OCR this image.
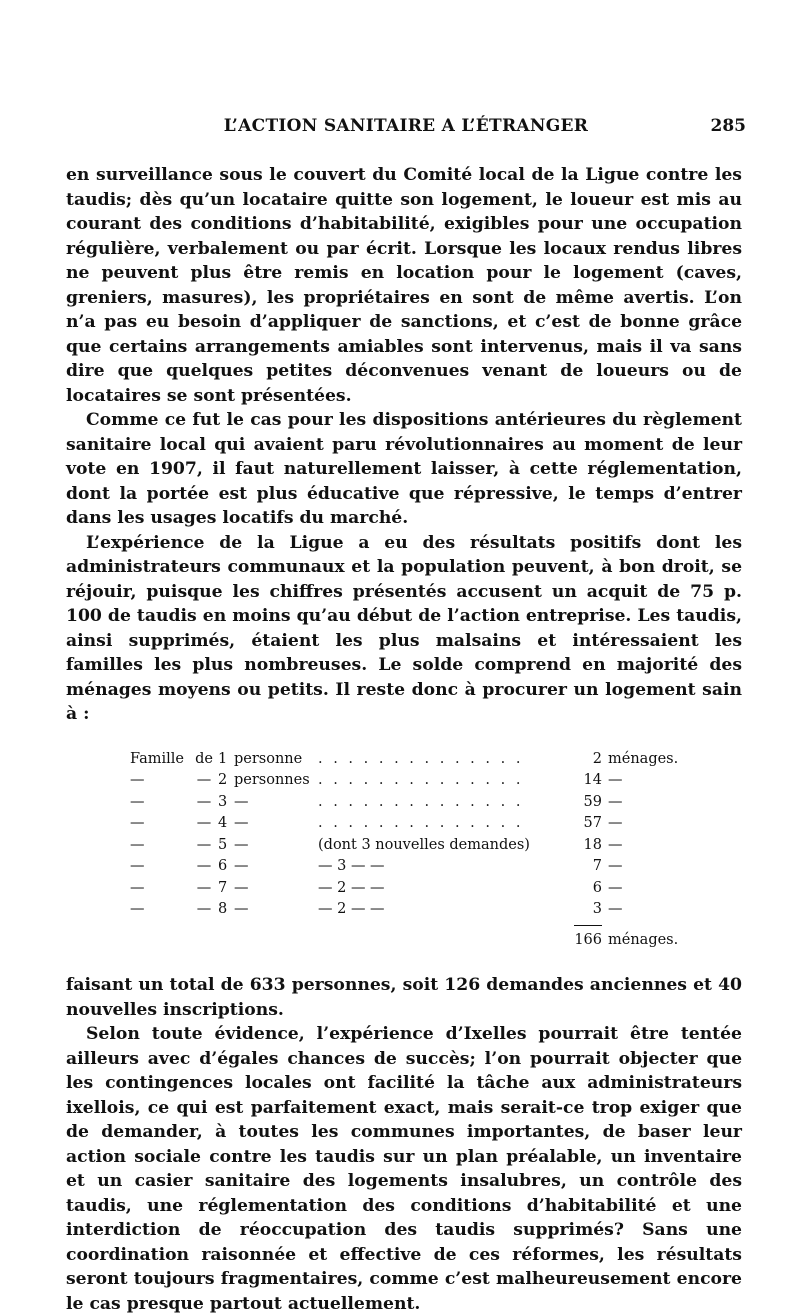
L’ACTION SANITAIRE A L’ÉTRANGER	285

en surveillance sous le couvert du Comité local de la Ligue contre les taudis; dès qu’un locataire quitte son logement, le loueur est mis au courant des conditions d’habitabilité, exigibles pour une occupation régulière, verbalement ou par écrit. Lorsque les locaux rendus libres ne peuvent plus être remis en location pour le logement (caves, greniers, masures), les propriétaires en sont de même avertis. L’on n’a pas eu besoin d’appliquer de sanctions, et c’est de bonne grâce que certains arrangements amiables sont intervenus, mais il va sans dire que quelques petites déconvenues venant de loueurs ou de locataires se sont présentées.

Comme ce fut le cas pour les dispositions antérieures du règlement sanitaire local qui avaient paru révolutionnaires au moment de leur vote en 1907, il faut naturellement laisser, à cette réglementation, dont la portée est plus éducative que répressive, le temps d’entrer dans les usages locatifs du marché.

L’expérience de la Ligue a eu des résultats positifs dont les administrateurs communaux et la population peuvent, à bon droit, se réjouir, puisque les chiffres présentés accusent un acquit de 75 p. 100 de taudis en moins qu’au début de l’action entreprise. Les taudis, ainsi supprimés, étaient les plus malsains et intéressaient les familles les plus nombreuses. Le solde comprend en majorité des ménages moyens ou petits. Il reste donc à procurer un logement sain à :

Famille	de	1	personne	. . . . . . . . . . . . . .	2	ménages.
—	—	2	personnes	. . . . . . . . . . . . . .	14	—
—	—	3	—	. . . . . . . . . . . . . .	59	—
—	—	4	—	. . . . . . . . . . . . . .	57	—
—	—	5	—	(dont 3 nouvelles demandes)	18	—
—	—	6	—	— 3 — —	7	—
—	—	7	—	— 2 — —	6	—
—	—	8	—	— 2 — —	3	—
					166	ménages.

faisant un total de 633 personnes, soit 126 demandes anciennes et 40 nouvelles inscriptions.

Selon toute évidence, l’expérience d’Ixelles pourrait être tentée ailleurs avec d’égales chances de succès; l’on pourrait objecter que les contingences locales ont facilité la tâche aux administrateurs ixellois, ce qui est parfaitement exact, mais serait-ce trop exiger que de demander, à toutes les communes importantes, de baser leur action sociale contre les taudis sur un plan préalable, un inventaire et un casier sanitaire des logements insalubres, un contrôle des taudis, une réglementation des conditions d’habitabilité et une interdiction de réoccupation des taudis supprimés? Sans une coordination raisonnée et effective de ces réformes, les résultats seront toujours fragmentaires, comme c’est malheureusement encore le cas presque partout actuellement.
